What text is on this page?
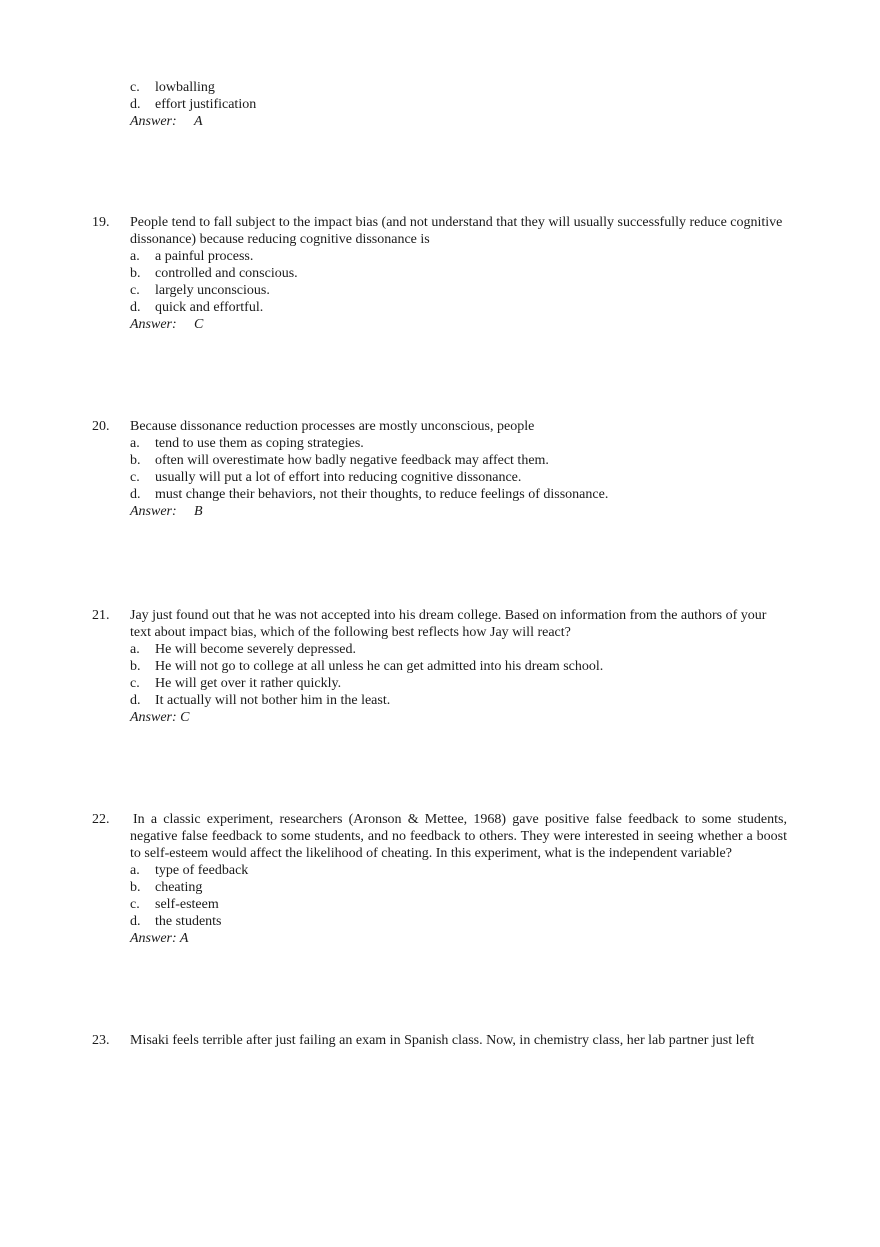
c. lowballing
d. effort justification
Answer: A
19. People tend to fall subject to the impact bias (and not understand that they will usually successfully reduce cognitive dissonance) because reducing cognitive dissonance is
a. a painful process.
b. controlled and conscious.
c. largely unconscious.
d. quick and effortful.
Answer: C
20. Because dissonance reduction processes are mostly unconscious, people
a. tend to use them as coping strategies.
b. often will overestimate how badly negative feedback may affect them.
c. usually will put a lot of effort into reducing cognitive dissonance.
d. must change their behaviors, not their thoughts, to reduce feelings of dissonance.
Answer: B
21. Jay just found out that he was not accepted into his dream college. Based on information from the authors of your text about impact bias, which of the following best reflects how Jay will react?
a. He will become severely depressed.
b. He will not go to college at all unless he can get admitted into his dream school.
c. He will get over it rather quickly.
d. It actually will not bother him in the least.
Answer: C
22. In a classic experiment, researchers (Aronson & Mettee, 1968) gave positive false feedback to some students, negative false feedback to some students, and no feedback to others. They were interested in seeing whether a boost to self-esteem would affect the likelihood of cheating. In this experiment, what is the independent variable?
a. type of feedback
b. cheating
c. self-esteem
d. the students
Answer: A
23. Misaki feels terrible after just failing an exam in Spanish class. Now, in chemistry class, her lab partner just left
